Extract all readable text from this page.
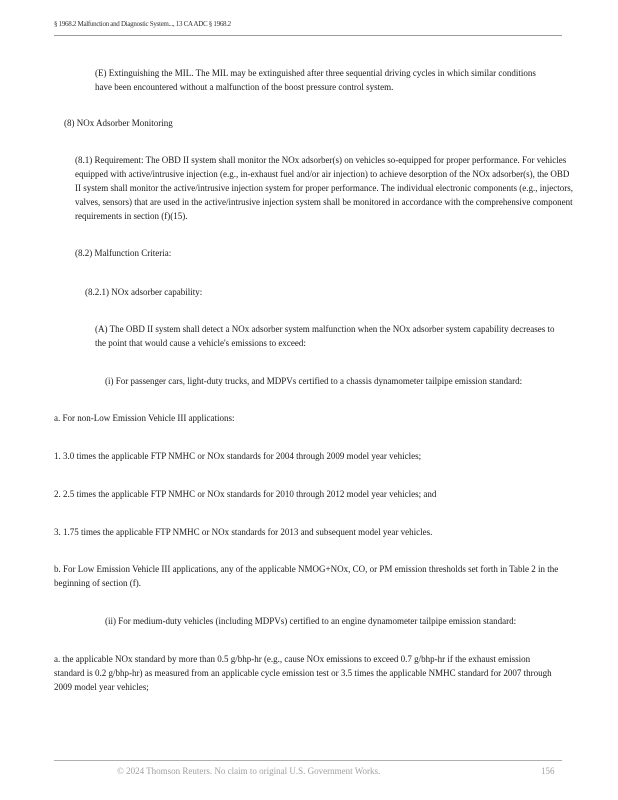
§ 1968.2 Malfunction and Diagnostic System..., 13 CA ADC § 1968.2

(E) Extinguishing the MIL. The MIL may be extinguished after three sequential driving cycles in which similar conditions have been encountered without a malfunction of the boost pressure control system.

(8) NOx Adsorber Monitoring

(8.1) Requirement: The OBD II system shall monitor the NOx adsorber(s) on vehicles so-equipped for proper performance. For vehicles equipped with active/intrusive injection (e.g., in-exhaust fuel and/or air injection) to achieve desorption of the NOx adsorber(s), the OBD II system shall monitor the active/intrusive injection system for proper performance. The individual electronic components (e.g., injectors, valves, sensors) that are used in the active/intrusive injection system shall be monitored in accordance with the comprehensive component requirements in section (f)(15).

(8.2) Malfunction Criteria:

(8.2.1) NOx adsorber capability:

(A) The OBD II system shall detect a NOx adsorber system malfunction when the NOx adsorber system capability decreases to the point that would cause a vehicle's emissions to exceed:

(i) For passenger cars, light-duty trucks, and MDPVs certified to a chassis dynamometer tailpipe emission standard:

a. For non-Low Emission Vehicle III applications:

1. 3.0 times the applicable FTP NMHC or NOx standards for 2004 through 2009 model year vehicles;

2. 2.5 times the applicable FTP NMHC or NOx standards for 2010 through 2012 model year vehicles; and

3. 1.75 times the applicable FTP NMHC or NOx standards for 2013 and subsequent model year vehicles.

b. For Low Emission Vehicle III applications, any of the applicable NMOG+NOx, CO, or PM emission thresholds set forth in Table 2 in the beginning of section (f).

(ii) For medium-duty vehicles (including MDPVs) certified to an engine dynamometer tailpipe emission standard:

a. the applicable NOx standard by more than 0.5 g/bhp-hr (e.g., cause NOx emissions to exceed 0.7 g/bhp-hr if the exhaust emission standard is 0.2 g/bhp-hr) as measured from an applicable cycle emission test or 3.5 times the applicable NMHC standard for 2007 through 2009 model year vehicles;

© 2024 Thomson Reuters. No claim to original U.S. Government Works.	156
